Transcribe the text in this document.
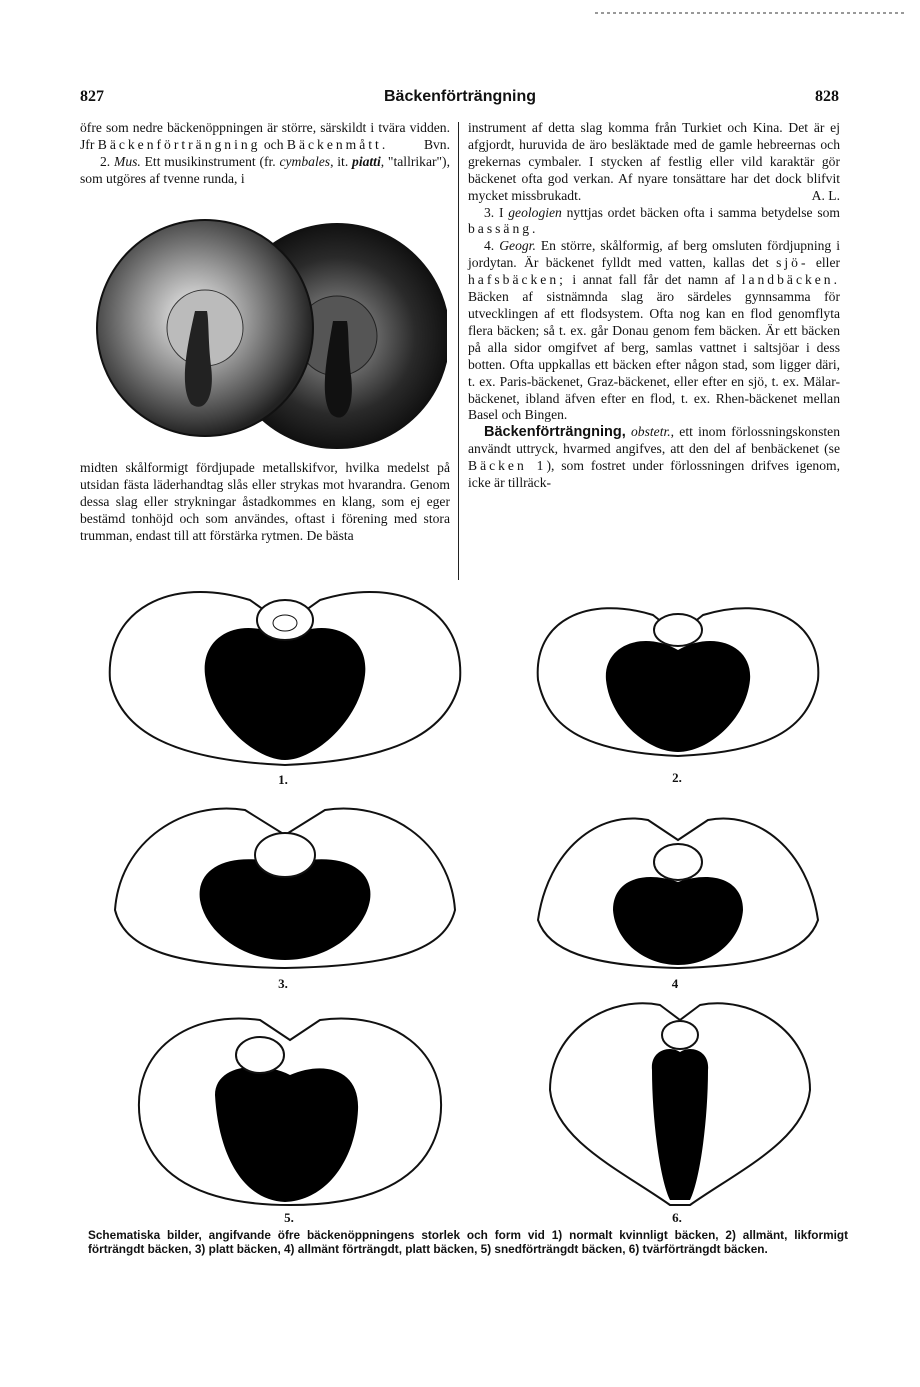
827	Bäckenförträngning	828

öfre som nedre bäckenöppningen är större, särskildt i tvära vidden. Jfr Bäckenförträngning och Bäckenmått.	Bvn.

2. Mus. Ett musikinstrument (fr. cymbales, it. piatti, "tallrikar"), som utgöres af tvenne runda, i

midten skålformigt fördjupade metallskifvor, hvilka medelst på utsidan fästa läderhandtag slås eller strykas mot hvarandra. Genom dessa slag eller strykningar åstadkommes en klang, som ej eger bestämd tonhöjd och som användes, oftast i förening med stora trumman, endast till att förstärka rytmen. De bästa

instrument af detta slag komma från Turkiet och Kina. Det är ej afgjordt, huruvida de äro besläktade med de gamle hebreernas och grekernas cymbaler. I stycken af festlig eller vild karaktär gör bäckenet ofta god verkan. Af nyare tonsättare har det dock blifvit mycket missbrukadt.	A. L.

3. I geologien nyttjas ordet bäcken ofta i samma betydelse som bassäng.

4. Geogr. En större, skålformig, af berg omsluten fördjupning i jordytan. Är bäckenet fylldt med vatten, kallas det sjö- eller hafsbäcken; i annat fall får det namn af landbäcken. Bäcken af sistnämnda slag äro särdeles gynnsamma för utvecklingen af ett flodsystem. Ofta nog kan en flod genomflyta flera bäcken; så t. ex. går Donau genom fem bäcken. Är ett bäcken på alla sidor omgifvet af berg, samlas vattnet i saltsjöar i dess botten. Ofta uppkallas ett bäcken efter någon stad, som ligger däri, t. ex. Paris-bäckenet, Graz-bäckenet, eller efter en sjö, t. ex. Mälar-bäckenet, ibland äfven efter en flod, t. ex. Rhen-bäckenet mellan Basel och Bingen.

Bäckenförträngning, obstetr., ett inom förlossningskonsten användt uttryck, hvarmed angifves, att den del af benbäckenet (se Bäcken 1), som fostret under förlossningen drifves igenom, icke är tillräck-

1.	2.
3.	4
5.	6.
Schematiska bilder, angifvande öfre bäckenöppningens storlek och form vid 1) normalt kvinnligt bäcken, 2) allmänt, likformigt förträngdt bäcken, 3) platt bäcken, 4) allmänt förträngdt, platt bäcken, 5) snedförträngdt bäcken, 6) tvärförträngdt bäcken.
